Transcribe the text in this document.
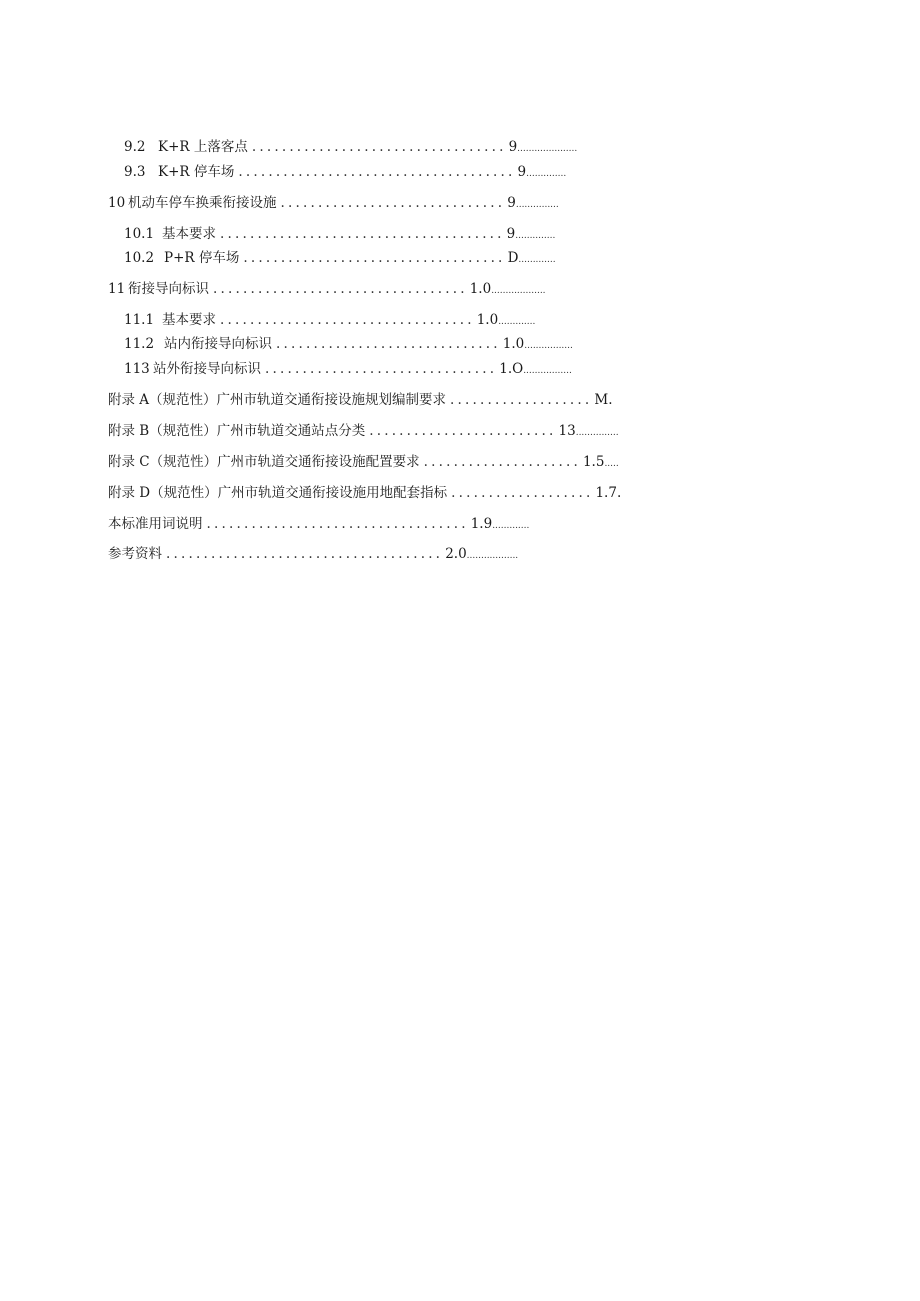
9.2 K+R 上落客点 .................................. 9 .....................
9.3 K+R 停车场 ..................................... 9 ..............
10 机动车停车换乘衔接设施 .............................. 9 ...............
10.1 基本要求 ...................................... 9 ..............
10.2 P+R 停车场 ................................... D .............
11 衔接导向标识 .................................. 1.0 ...................
11.1 基本要求 .................................. 1.0 .............
11.2 站内衔接导向标识 .............................. 1.0 .................
113 站外衔接导向标识 ............................... 1.O .................
附录 A （规范性）广州市轨道交通衔接设施规划编制要求 ................... M.
附录 B （规范性）广州市轨道交通站点分类 ......................... 13 ...............
附录 C （规范性）广州市轨道交通衔接设施配置要求 ..................... 1.5 .....
附录 D （规范性）广州市轨道交通衔接设施用地配套指标 ................... 1.7.
本标准用词说明 ................................... 1.9 .............
参考资料 ..................................... 2.0 ..................
